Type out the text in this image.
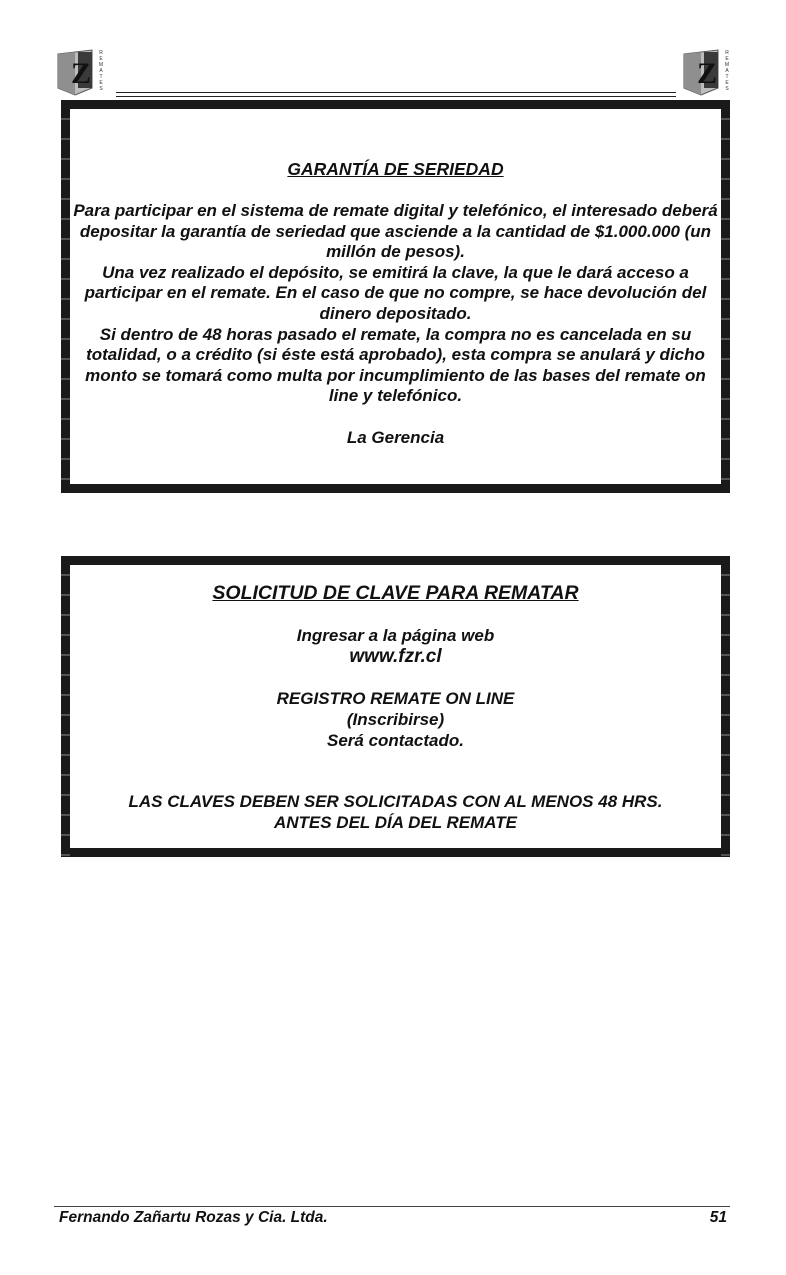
Z
REMATES	Z
REMATES
GARANTÍA DE SERIEDAD
Para participar en el sistema de remate digital y telefónico, el interesado deberá depositar la garantía de seriedad que asciende a la cantidad de $1.000.000 (un millón de pesos).
Una vez realizado el depósito, se emitirá la clave, la que le dará acceso a participar en el remate. En el caso de que no compre, se hace devolución del dinero depositado.
Si dentro de 48 horas pasado el remate, la compra no es cancelada en su totalidad, o a crédito (si éste está aprobado), esta compra se anulará y dicho monto se tomará como multa por incumplimiento de las bases del remate on line y telefónico.
La Gerencia
SOLICITUD DE CLAVE PARA REMATAR
Ingresar a la página web
www.fzr.cl
REGISTRO REMATE ON LINE
(Inscribirse)
Será contactado.
LAS CLAVES DEBEN SER SOLICITADAS CON AL MENOS 48 HRS.
ANTES DEL DÍA DEL REMATE
Fernando Zañartu Rozas y Cia. Ltda.	51
